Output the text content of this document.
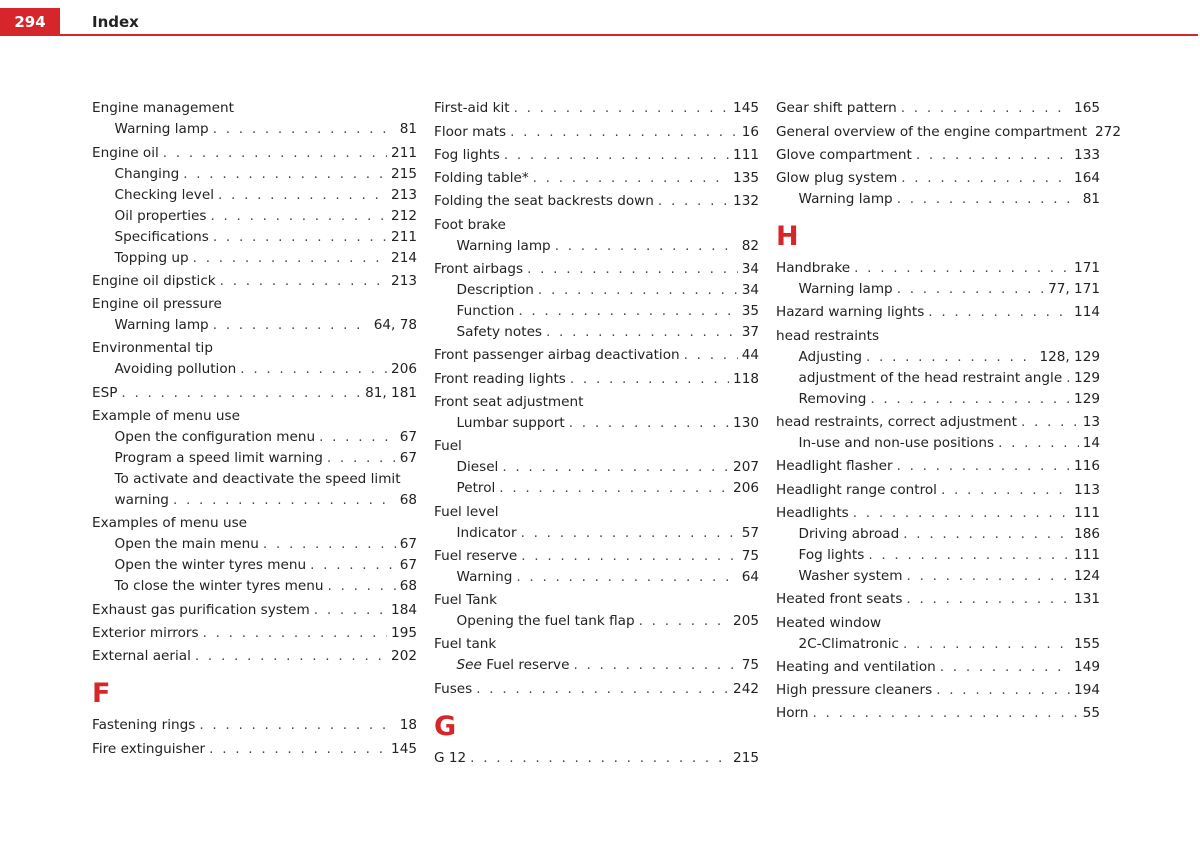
294	Index
Engine management
Warning lamp . . .	81
Engine oil . . .	211
Changing . . .	215
Checking level . . .	213
Oil properties . . .	212
Specifications . . .	211
Topping up . . .	214
Engine oil dipstick . . .	213
Engine oil pressure
Warning lamp . . .	64, 78
Environmental tip
Avoiding pollution . . .	206
ESP . . .	81, 181
Example of menu use
Open the configuration menu . . .	67
Program a speed limit warning . . .	67
To activate and deactivate the speed limit
warning . . .	68
Examples of menu use
Open the main menu . . .	67
Open the winter tyres menu . . .	67
To close the winter tyres menu . . .	68
Exhaust gas purification system . . .	184
Exterior mirrors . . .	195
External aerial . . .	202
F
Fastening rings . . .	18
Fire extinguisher . . .	145
First-aid kit . . .	145
Floor mats . . .	16
Fog lights . . .	111
Folding table* . . .	135
Folding the seat backrests down . . .	132
Foot brake
Warning lamp . . .	82
Front airbags . . .	34
Description . . .	34
Function . . .	35
Safety notes . . .	37
Front passenger airbag deactivation . . .	44
Front reading lights . . .	118
Front seat adjustment
Lumbar support . . .	130
Fuel
Diesel . . .	207
Petrol . . .	206
Fuel level
Indicator . . .	57
Fuel reserve . . .	75
Warning . . .	64
Fuel Tank
Opening the fuel tank flap . . .	205
Fuel tank
See Fuel reserve . . .	75
Fuses . . .	242
G
G 12 . . .	215
Gear shift pattern . . .	165
General overview of the engine compartment 272
Glove compartment . . .	133
Glow plug system . . .	164
Warning lamp . . .	81
H
Handbrake . . .	171
Warning lamp . . .	77, 171
Hazard warning lights . . .	114
head restraints
Adjusting . . .	128, 129
adjustment of the head restraint angle . . . 129
Removing . . .	129
head restraints, correct adjustment . . .	13
In-use and non-use positions . . .	14
Headlight flasher . . .	116
Headlight range control . . .	113
Headlights . . .	111
Driving abroad . . .	186
Fog lights . . .	111
Washer system . . .	124
Heated front seats . . .	131
Heated window
2C-Climatronic . . .	155
Heating and ventilation . . .	149
High pressure cleaners . . .	194
Horn . . .	55
